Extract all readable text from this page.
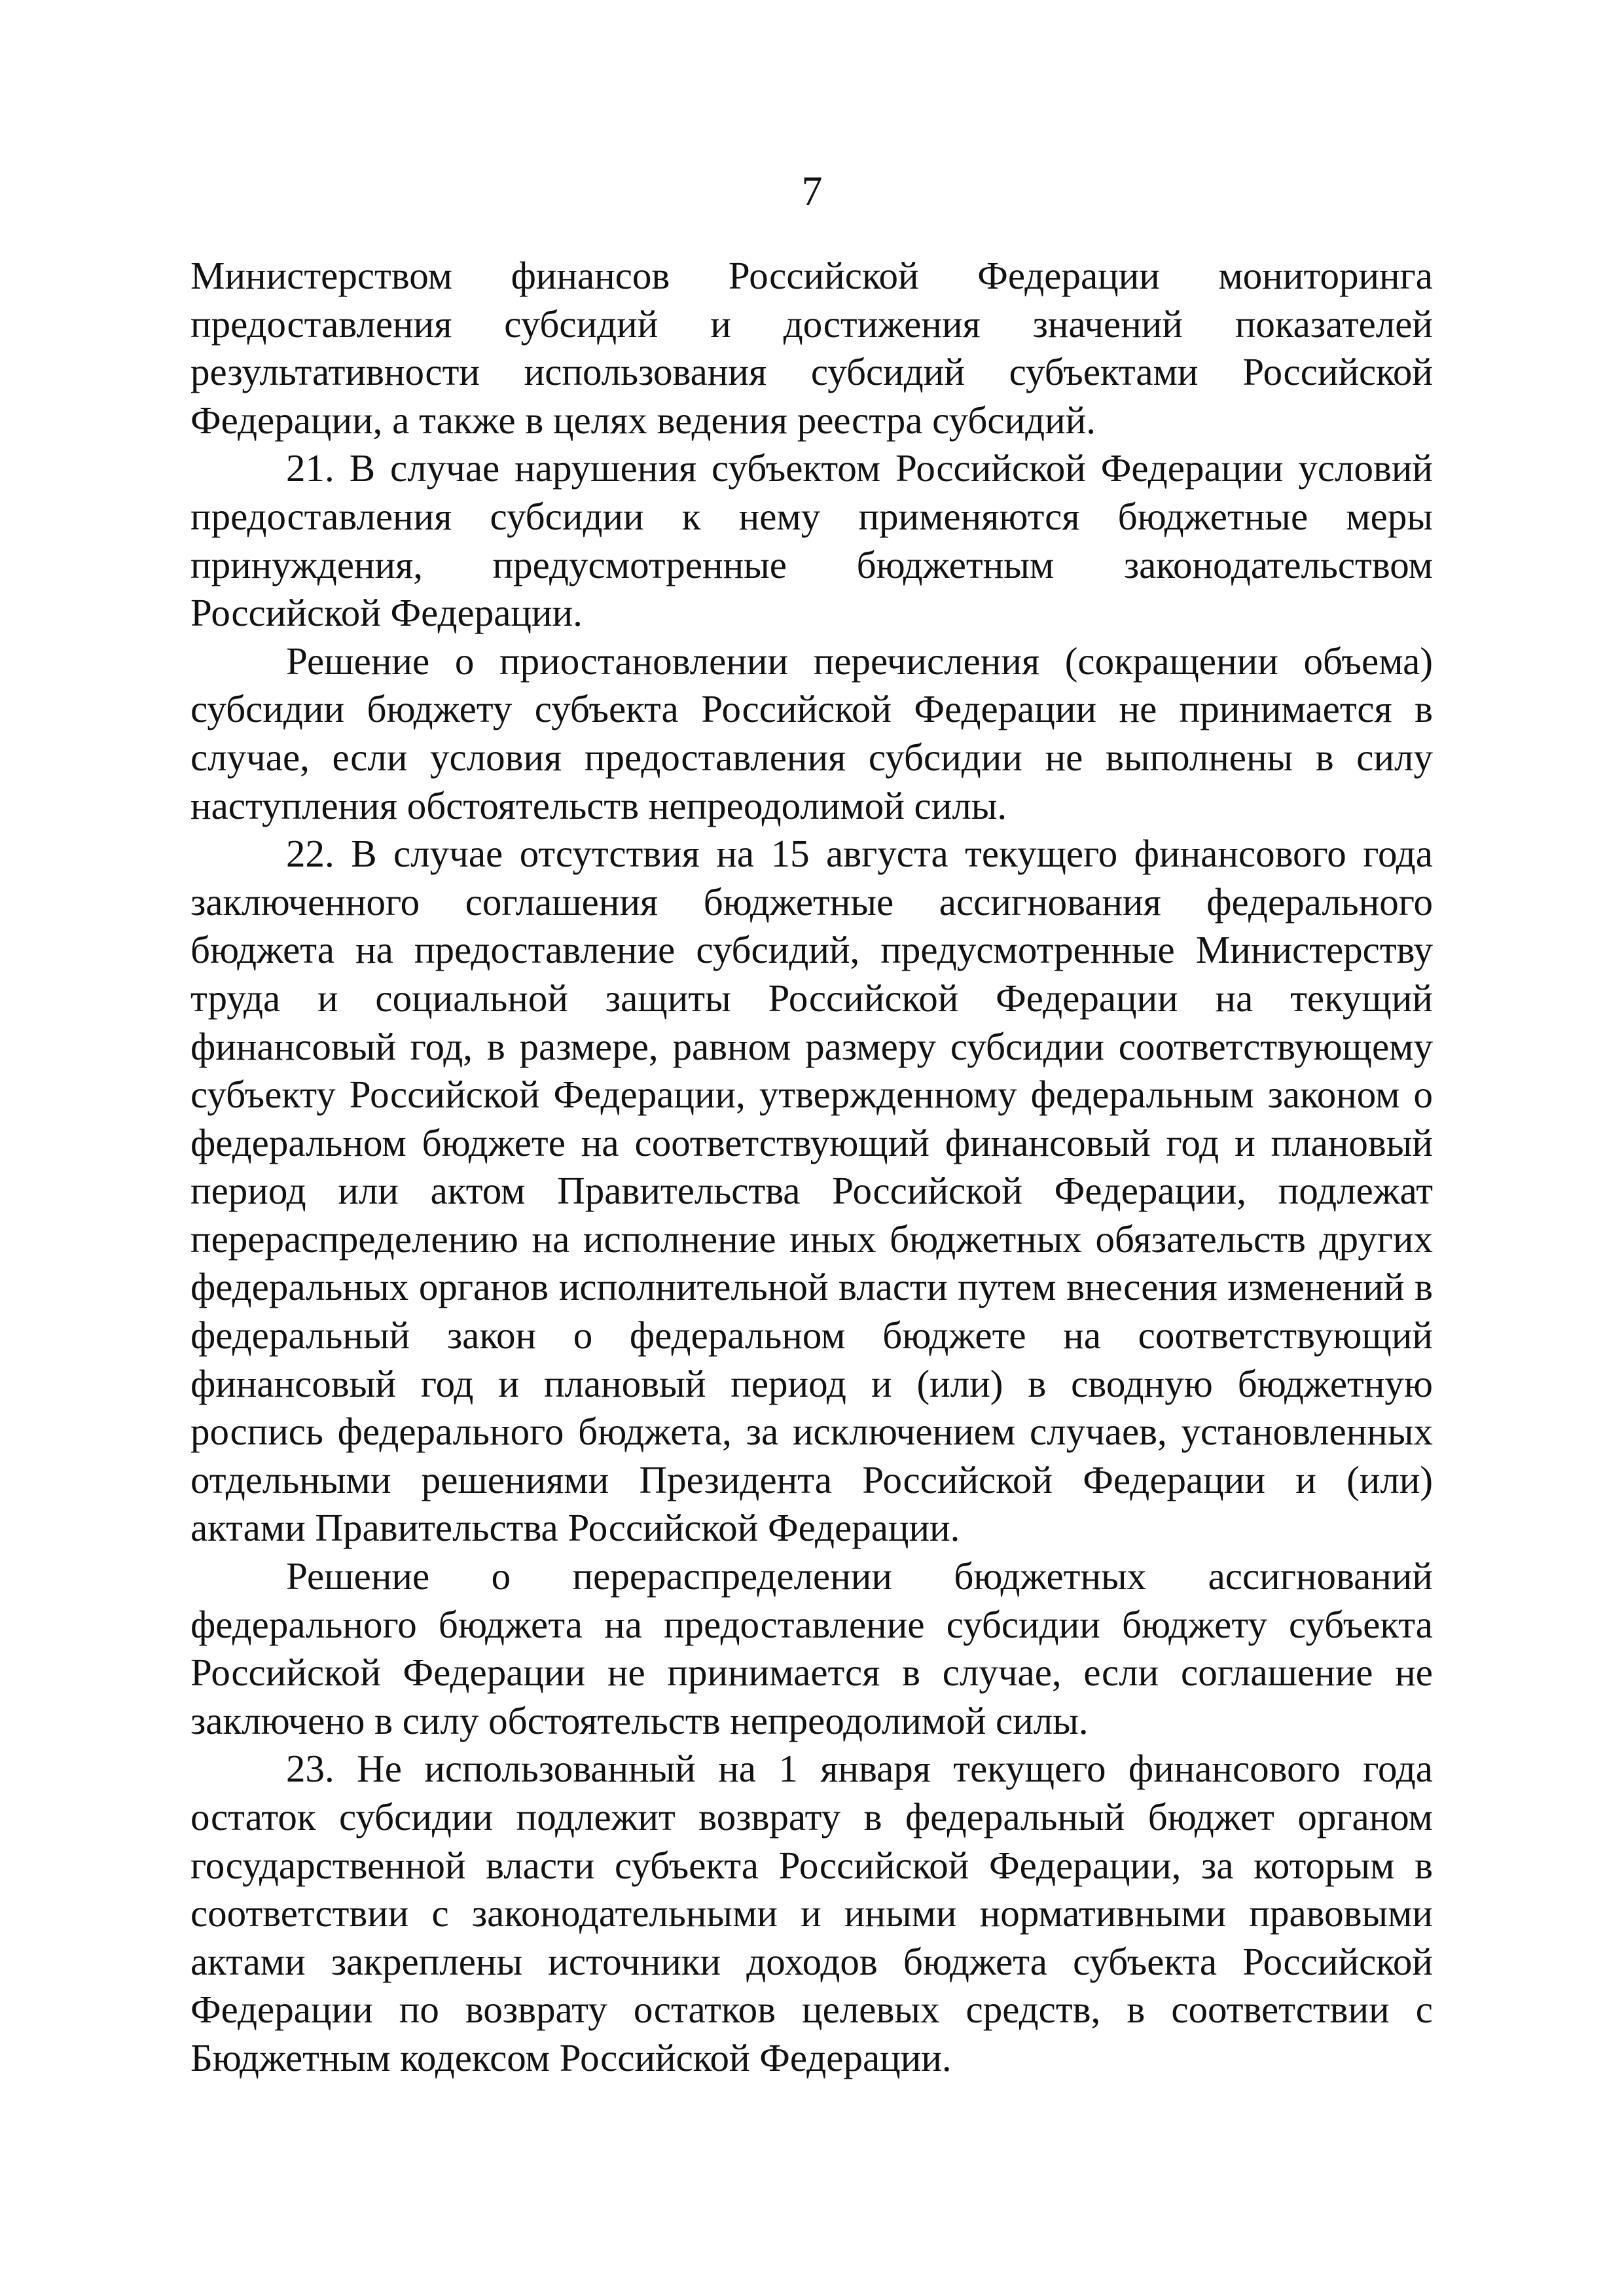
7

Министерством финансов Российской Федерации мониторинга предоставления субсидий и достижения значений показателей результативности использования субсидий субъектами Российской Федерации, а также в целях ведения реестра субсидий.

21. В случае нарушения субъектом Российской Федерации условий предоставления субсидии к нему применяются бюджетные меры принуждения, предусмотренные бюджетным законодательством Российской Федерации.

Решение о приостановлении перечисления (сокращении объема) субсидии бюджету субъекта Российской Федерации не принимается в случае, если условия предоставления субсидии не выполнены в силу наступления обстоятельств непреодолимой силы.

22. В случае отсутствия на 15 августа текущего финансового года заключенного соглашения бюджетные ассигнования федерального бюджета на предоставление субсидий, предусмотренные Министерству труда и социальной защиты Российской Федерации на текущий финансовый год, в размере, равном размеру субсидии соответствующему субъекту Российской Федерации, утвержденному федеральным законом о федеральном бюджете на соответствующий финансовый год и плановый период или актом Правительства Российской Федерации, подлежат перераспределению на исполнение иных бюджетных обязательств других федеральных органов исполнительной власти путем внесения изменений в федеральный закон о федеральном бюджете на соответствующий финансовый год и плановый период и (или) в сводную бюджетную роспись федерального бюджета, за исключением случаев, установленных отдельными решениями Президента Российской Федерации и (или) актами Правительства Российской Федерации.

Решение о перераспределении бюджетных ассигнований федерального бюджета на предоставление субсидии бюджету субъекта Российской Федерации не принимается в случае, если соглашение не заключено в силу обстоятельств непреодолимой силы.

23. Не использованный на 1 января текущего финансового года остаток субсидии подлежит возврату в федеральный бюджет органом государственной власти субъекта Российской Федерации, за которым в соответствии с законодательными и иными нормативными правовыми актами закреплены источники доходов бюджета субъекта Российской Федерации по возврату остатков целевых средств, в соответствии с Бюджетным кодексом Российской Федерации.
